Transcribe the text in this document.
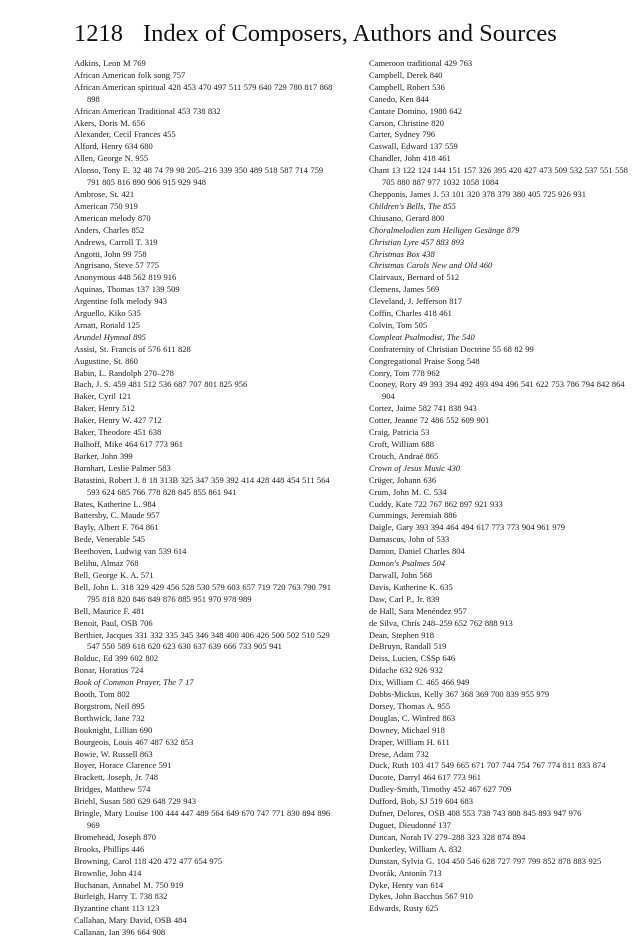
1218 Index of Composers, Authors and Sources
Adkins, Leon M 769
African American folk song 757
African American spiritual 428 453 470 497 511 579 640 729 780 817 868 898
African American Traditional 453 738 832
Akers, Doris M. 656
Alexander, Cecil Frances 455
Alford, Henry 634 680
Allen, George N. 955
Alonso, Tony E. 32 48 74 79 98 205–216 339 350 489 518 587 714 759 791 805 816 890 906 915 929 948
Ambrose, St. 421
American 750 919
American melody 870
Anders, Charles 852
Andrews, Carroll T. 319
Angotti, John 99 758
Angrisano, Steve 57 775
Anonymous 448 562 819 916
Aquinas, Thomas 137 139 509
Argentine folk melody 943
Arguello, Kiko 535
Arnatt, Ronald 125
Arundel Hymnal 895
Assisi, St. Francis of 576 611 828
Augustine, St. 860
Babin, L. Randolph 270–278
Bach, J. S. 459 481 512 536 687 707 801 825 956
Baker, Cyril 121
Baker, Henry 512
Baker, Henry W. 427 712
Baker, Theodore 451 638
Balhoff, Mike 464 617 773 961
Barker, John 399
Barnhart, Leslie Palmer 583
Batastini, Robert J. 8 18 313B 325 347 359 392 414 428 448 454 511 564 593 624 685 766 778 828 845 855 861 941
Bates, Katherine L. 984
Battersby, C. Maude 957
Bayly, Albert F. 764 861
Bede, Venerable 545
Beethoven, Ludwig van 539 614
Belihu, Almaz 768
Bell, George K. A. 571
Bell, John L. 318 329 429 456 528 530 579 603 657 719 720 763 790 791 795 818 820 846 849 876 885 951 970 978 989
Bell, Maurice F. 481
Benoit, Paul, OSB 706
Berthier, Jacques 331 332 335 345 346 348 400 406 426 500 502 510 529 547 550 589 618 620 623 630 637 639 666 733 905 941
Bolduc, Ed 399 602 802
Bonar, Horatius 724
Book of Common Prayer, The 7 17
Booth, Tom 802
Borgstrom, Neil 895
Borthwick, Jane 732
Bouknight, Lillian 690
Bourgeois, Louis 467 487 632 853
Bowie, W. Russell 863
Boyer, Horace Clarence 591
Brackett, Joseph, Jr. 748
Bridges, Matthew 574
Briehl, Susan 580 629 648 729 943
Bringle, Mary Louise 100 444 447 489 564 649 670 747 771 830 894 896 969
Bromehead, Joseph 870
Brooks, Phillips 446
Browning, Carol 118 420 472 477 654 975
Brownlie, John 414
Buchanan, Annabel M. 750 919
Burleigh, Harry T. 738 832
Byzantine chant 113 123
Callahan, Mary David, OSB 484
Callanan, Ian 396 664 908
Cameroon traditional 429 763
Campbell, Derek 840
Campbell, Robert 536
Canedo, Ken 844
Cantate Domino, 1980 642
Carson, Christine 820
Carter, Sydney 796
Caswall, Edward 137 559
Chandler, John 418 461
Chant 13 122 124 144 151 157 326 395 420 427 473 509 532 537 551 558 705 880 887 977 1032 1058 1084
Chepponis, James J. 53 101 320 378 379 380 405 725 926 931
Children's Bells, The 855
Chiusano, Gerard 800
Choralmelodien zum Heiligen Gesänge 879
Christian Lyre 457 883 893
Christmas Box 438
Christmas Carols New and Old 460
Clairvaux, Bernard of 512
Clemens, James 569
Cleveland, J. Jefferson 817
Coffin, Charles 418 461
Colvin, Tom 505
Compleat Psalmodist, The 540
Confraternity of Christian Doctrine 55 68 82 99
Congregational Praise Song 548
Conry, Tom 778 962
Cooney, Rory 49 393 394 492 493 494 496 541 622 753 786 794 842 864 904
Cortez, Jaime 582 741 838 943
Cotter, Jeanne 72 486 552 609 901
Craig, Patricia 53
Croft, William 688
Crouch, Andraé 865
Crown of Jesus Music 430
Crüger, Johann 636
Crum, John M. C. 534
Cuddy, Kate 722 767 862 897 921 933
Cummings, Jeremiah 886
Daigle, Gary 393 394 464 494 617 773 773 904 961 979
Damascus, John of 533
Damon, Daniel Charles 804
Damon's Psalmes 504
Darwall, John 568
Davis, Katherine K. 635
Daw, Carl P., Jr. 839
de Hall, Sara Menéndez 957
de Silva, Chris 248–259 652 762 888 913
Dean, Stephen 918
DeBruyn, Randall 519
Deiss, Lucien, CSSp 646
Didache 632 926 932
Dix, William C. 465 466 949
Dobbs-Mickus, Kelly 367 368 369 700 839 955 979
Dorsey, Thomas A. 955
Douglas, C. Winfred 863
Downey, Michael 918
Draper, William H. 611
Drese, Adam 732
Duck, Ruth 103 417 549 665 671 707 744 754 767 774 811 833 874
Ducote, Darryl 464 617 773 961
Dudley-Smith, Timothy 452 467 627 709
Dufford, Bob, SJ 519 604 683
Dufner, Delores, OSB 408 553 738 743 808 845 893 947 976
Duguet, Dieudonné 137
Duncan, Norah IV 279–288 323 328 874 894
Dunkerley, William A. 832
Dunstan, Sylvia G. 104 450 546 628 727 797 799 852 878 883 925
Dvorák, Antonín 713
Dyke, Henry van 614
Dykes, John Bacchus 567 910
Edwards, Rusty 625
